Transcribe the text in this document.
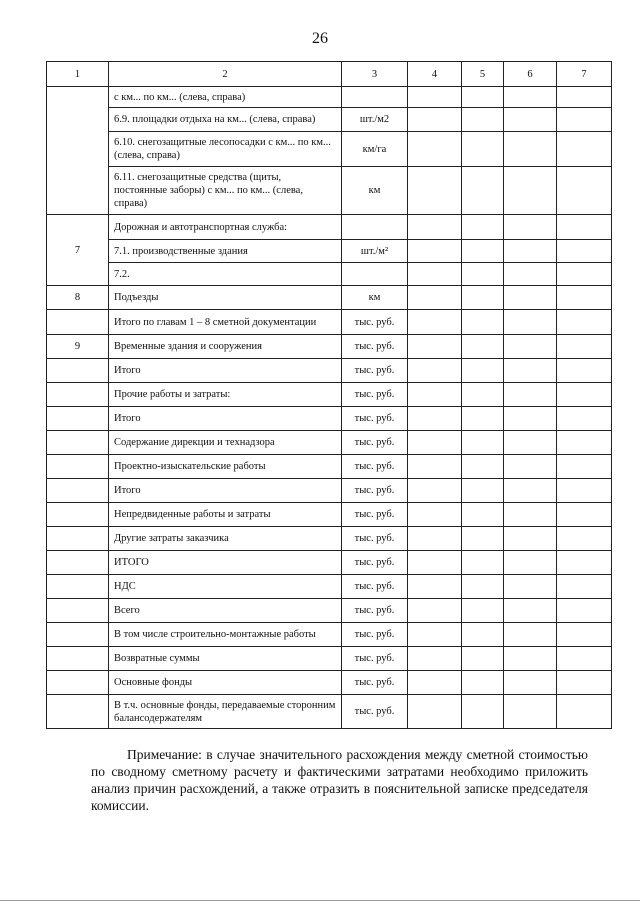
26
1	2	3	4	5	6	7
	с км... по км... (слева, справа)					
	6.9. площадки отдыха на км... (слева, справа)	шт./м2				
	6.10. снегозащитные лесопосадки с км... по км... (слева, справа)	км/га				
	6.11. снегозащитные средства (щиты, постоянные заборы) с км... по км... (слева, справа)	км				
7	Дорожная и автотранспортная служба:					
	7.1. производственные здания	шт./м²				
	7.2.					
8	Подъезды	км				
	Итого по главам 1 – 8 сметной документации	тыс. руб.				
9	Временные здания и сооружения	тыс. руб.				
	Итого	тыс. руб.				
	Прочие работы и затраты:	тыс. руб.				
	Итого	тыс. руб.				
	Содержание дирекции и технадзора	тыс. руб.				
	Проектно-изыскательские работы	тыс. руб.				
	Итого	тыс. руб.				
	Непредвиденные работы и затраты	тыс. руб.				
	Другие затраты заказчика	тыс. руб.				
	ИТОГО	тыс. руб.				
	НДС	тыс. руб.				
	Всего	тыс. руб.				
	В том числе строительно-монтажные работы	тыс. руб.				
	Возвратные суммы	тыс. руб.				
	Основные фонды	тыс. руб.				
	В т.ч. основные фонды, передаваемые сторонним балансодержателям	тыс. руб.				
Примечание: в случае значительного расхождения между сметной стоимостью по сводному сметному расчету и фактическими затратами необходимо приложить анализ причин расхождений, а также отразить в пояснительной записке председателя комиссии.
